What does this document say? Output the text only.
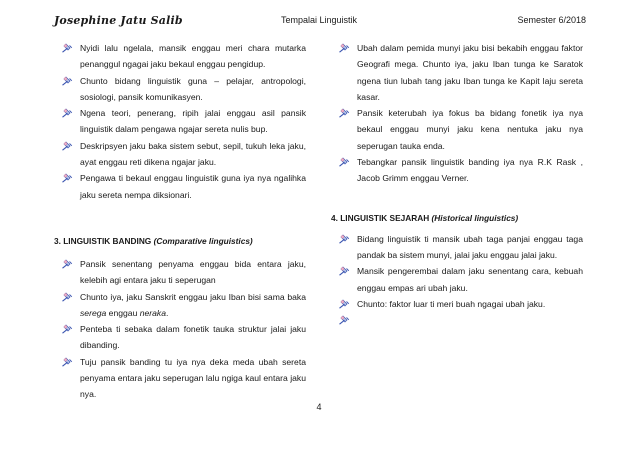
Josephine Jatu Salib	Tempalai Linguistik	Semester 6/2018
Nyidi lalu ngelala, mansik enggau meri chara mutarka penanggul ngagai jaku bekaul enggau pengidup.
Chunto bidang linguistik guna – pelajar, antropologi, sosiologi, pansik komunikasyen.
Ngena teori, penerang, ripih jalai enggau asil pansik linguistik dalam pengawa ngajar sereta nulis bup.
Deskripsyen jaku baka sistem sebut, sepil, tukuh leka jaku, ayat enggau reti dikena ngajar jaku.
Pengawa ti bekaul enggau linguistik guna iya nya ngalihka jaku sereta nempa diksionari.

3. LINGUISTIK BANDING (Comparative linguistics)

Pansik senentang penyama enggau bida entara jaku, kelebih agi entara jaku ti seperugan
Chunto iya, jaku Sanskrit enggau jaku Iban bisi sama baka serega enggau neraka.
Penteba ti sebaka dalam fonetik tauka struktur jalai jaku dibanding.
Tuju pansik banding tu iya nya deka meda ubah sereta penyama entara jaku seperugan lalu ngiga kaul entara jaku nya.
Ubah dalam pemida munyi jaku bisi bekabih enggau faktor Geografi mega. Chunto iya, jaku Iban tunga ke Saratok ngena tiun lubah tang jaku Iban tunga ke Kapit laju sereta kasar.
Pansik keterubah iya fokus ba bidang fonetik iya nya bekaul enggau munyi jaku kena nentuka jaku nya seperugan tauka enda.
Tebangkar pansik linguistik banding iya nya R.K Rask , Jacob Grimm enggau Verner.

4. LINGUISTIK SEJARAH (Historical linguistics)

Bidang linguistik ti mansik ubah taga panjai enggau taga pandak ba sistem munyi, jalai jaku enggau jalai jaku.
Mansik pengerembai dalam jaku senentang cara, kebuah enggau empas ari ubah jaku.
Chunto: faktor luar ti meri buah ngagai ubah jaku.

4
